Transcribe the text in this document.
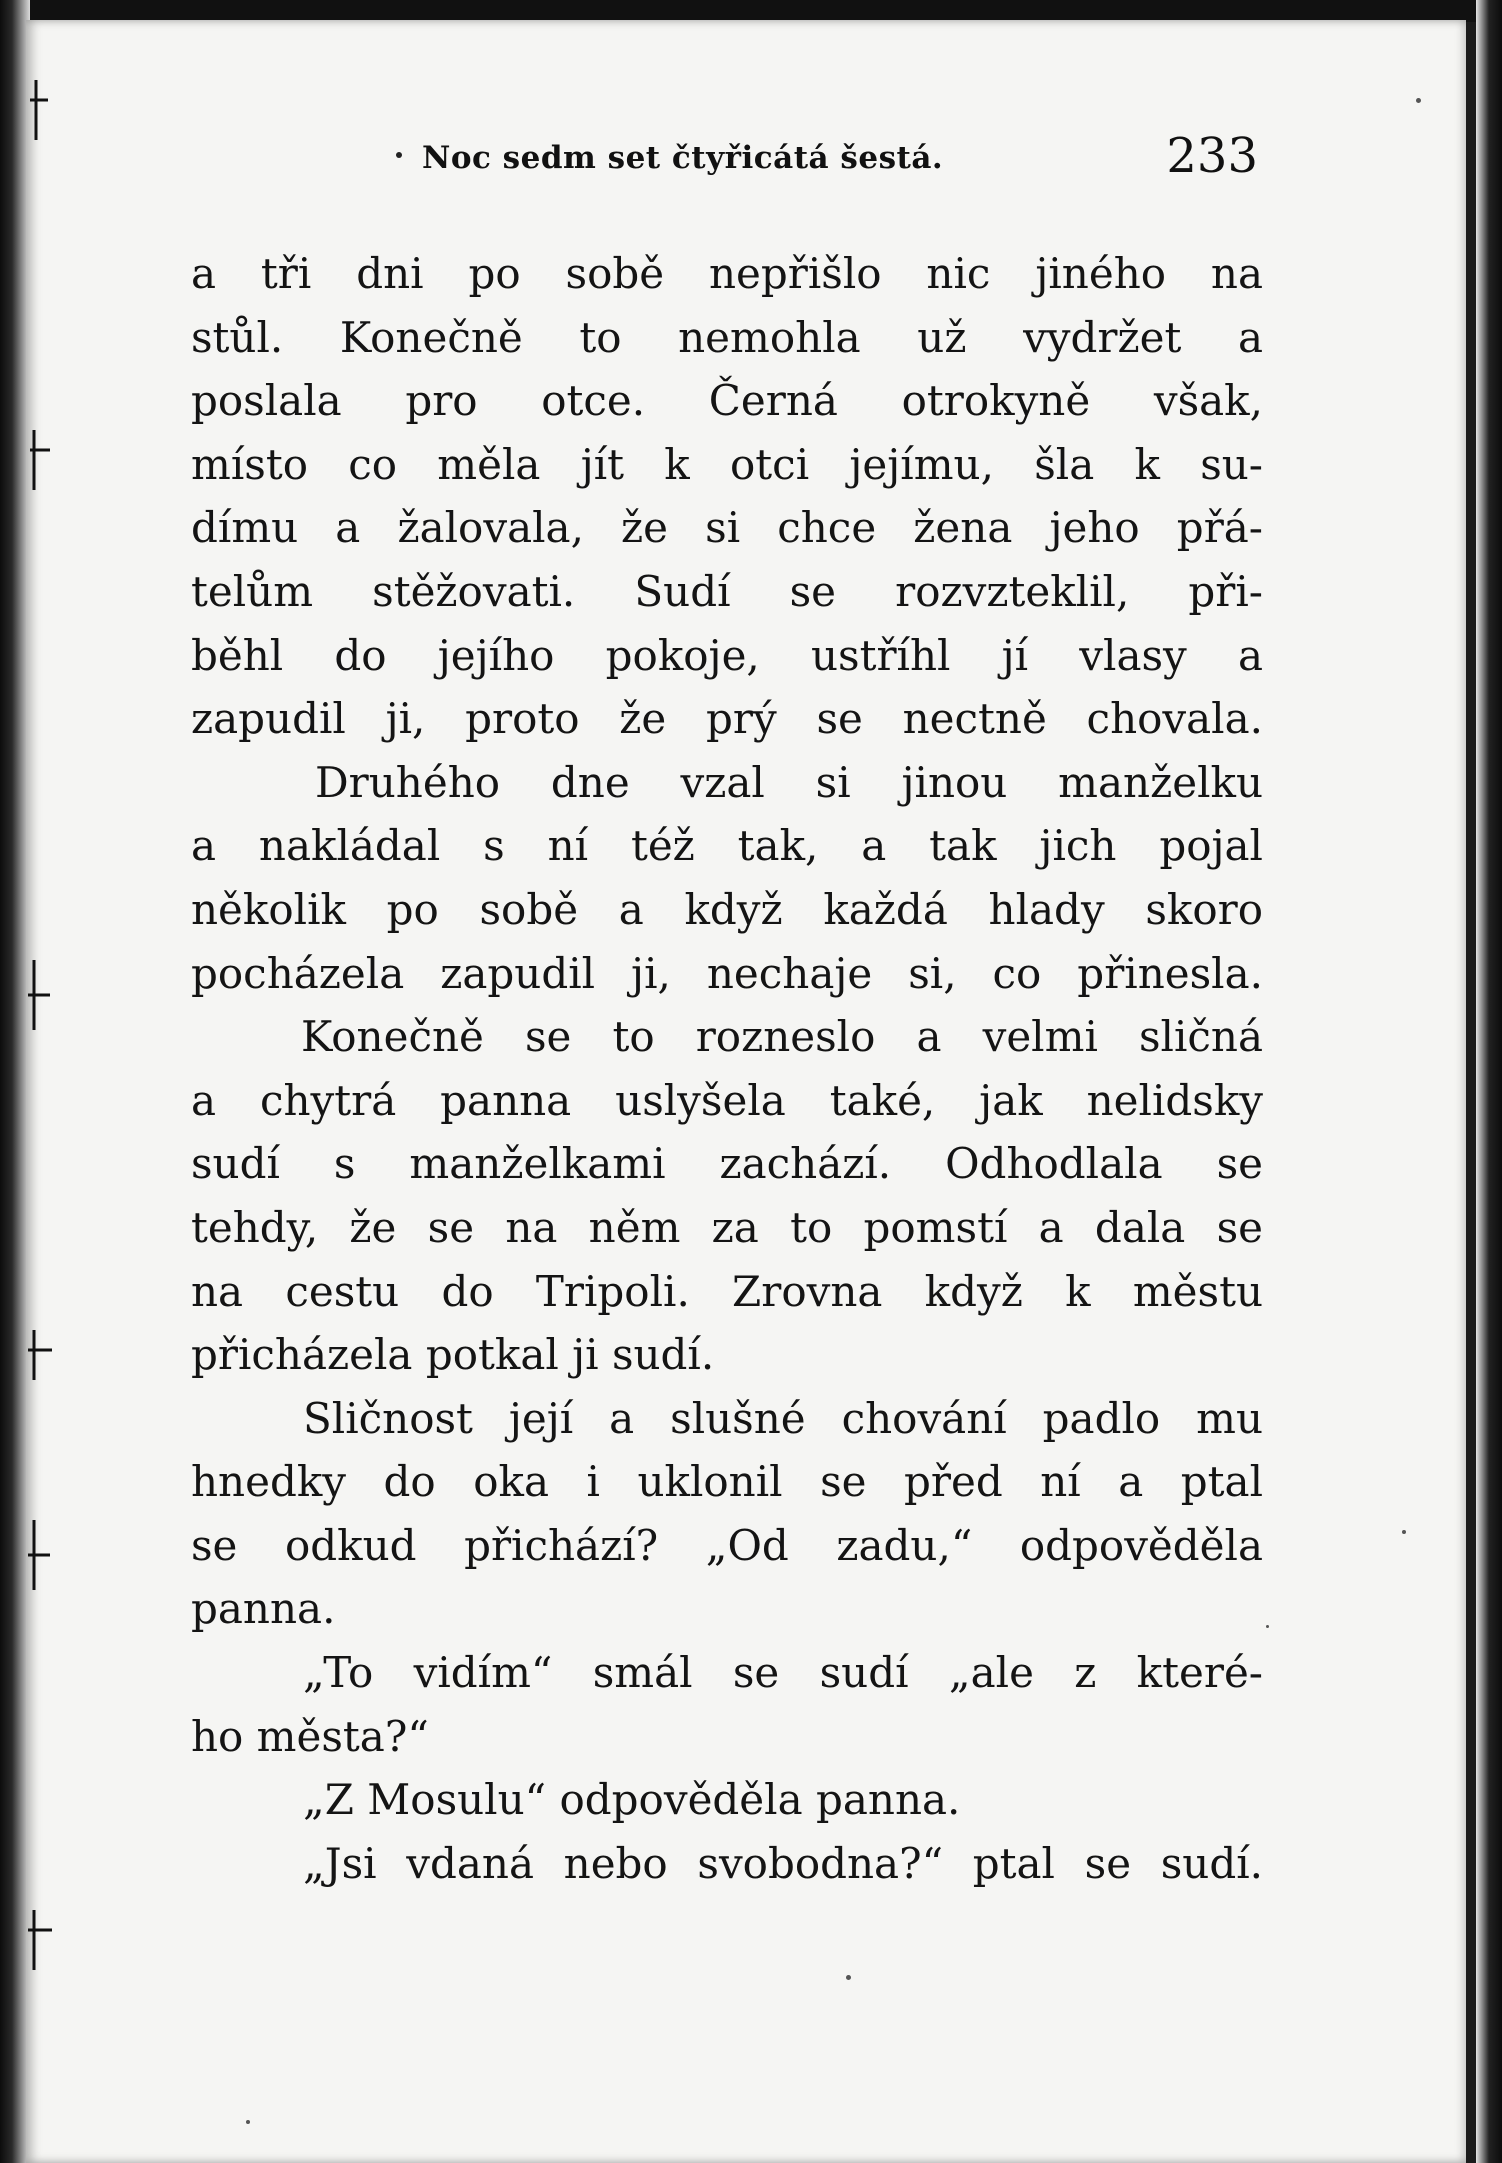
Noc sedm set čtyřicátá šestá.	233
a tři dni po sobě nepřišlo nic jiného na
stůl. Konečně to nemohla už vydržet a
poslala pro otce. Černá otrokyně však,
místo co měla jít k otci jejímu, šla k su-
dímu a žalovala, že si chce žena jeho přá-
telům stěžovati. Sudí se rozvzteklil, při-
běhl do jejího pokoje, ustříhl jí vlasy a
zapudil ji, proto že prý se nectně chovala.
Druhého dne vzal si jinou manželku
a nakládal s ní též tak, a tak jich pojal
několik po sobě a když každá hlady skoro
pocházela zapudil ji, nechaje si, co přinesla.
Konečně se to rozneslo a velmi sličná
a chytrá panna uslyšela také, jak nelidsky
sudí s manželkami zachází. Odhodlala se
tehdy, že se na něm za to pomstí a dala se
na cestu do Tripoli. Zrovna když k městu
přicházela potkal ji sudí.
Sličnost její a slušné chování padlo mu
hnedky do oka i uklonil se před ní a ptal
se odkud přichází? „Od zadu,“ odpověděla
panna.
„To vidím“ smál se sudí „ale z které-
ho města?“
„Z Mosulu“ odpověděla panna.
„Jsi vdaná nebo svobodna?“ ptal se sudí.
